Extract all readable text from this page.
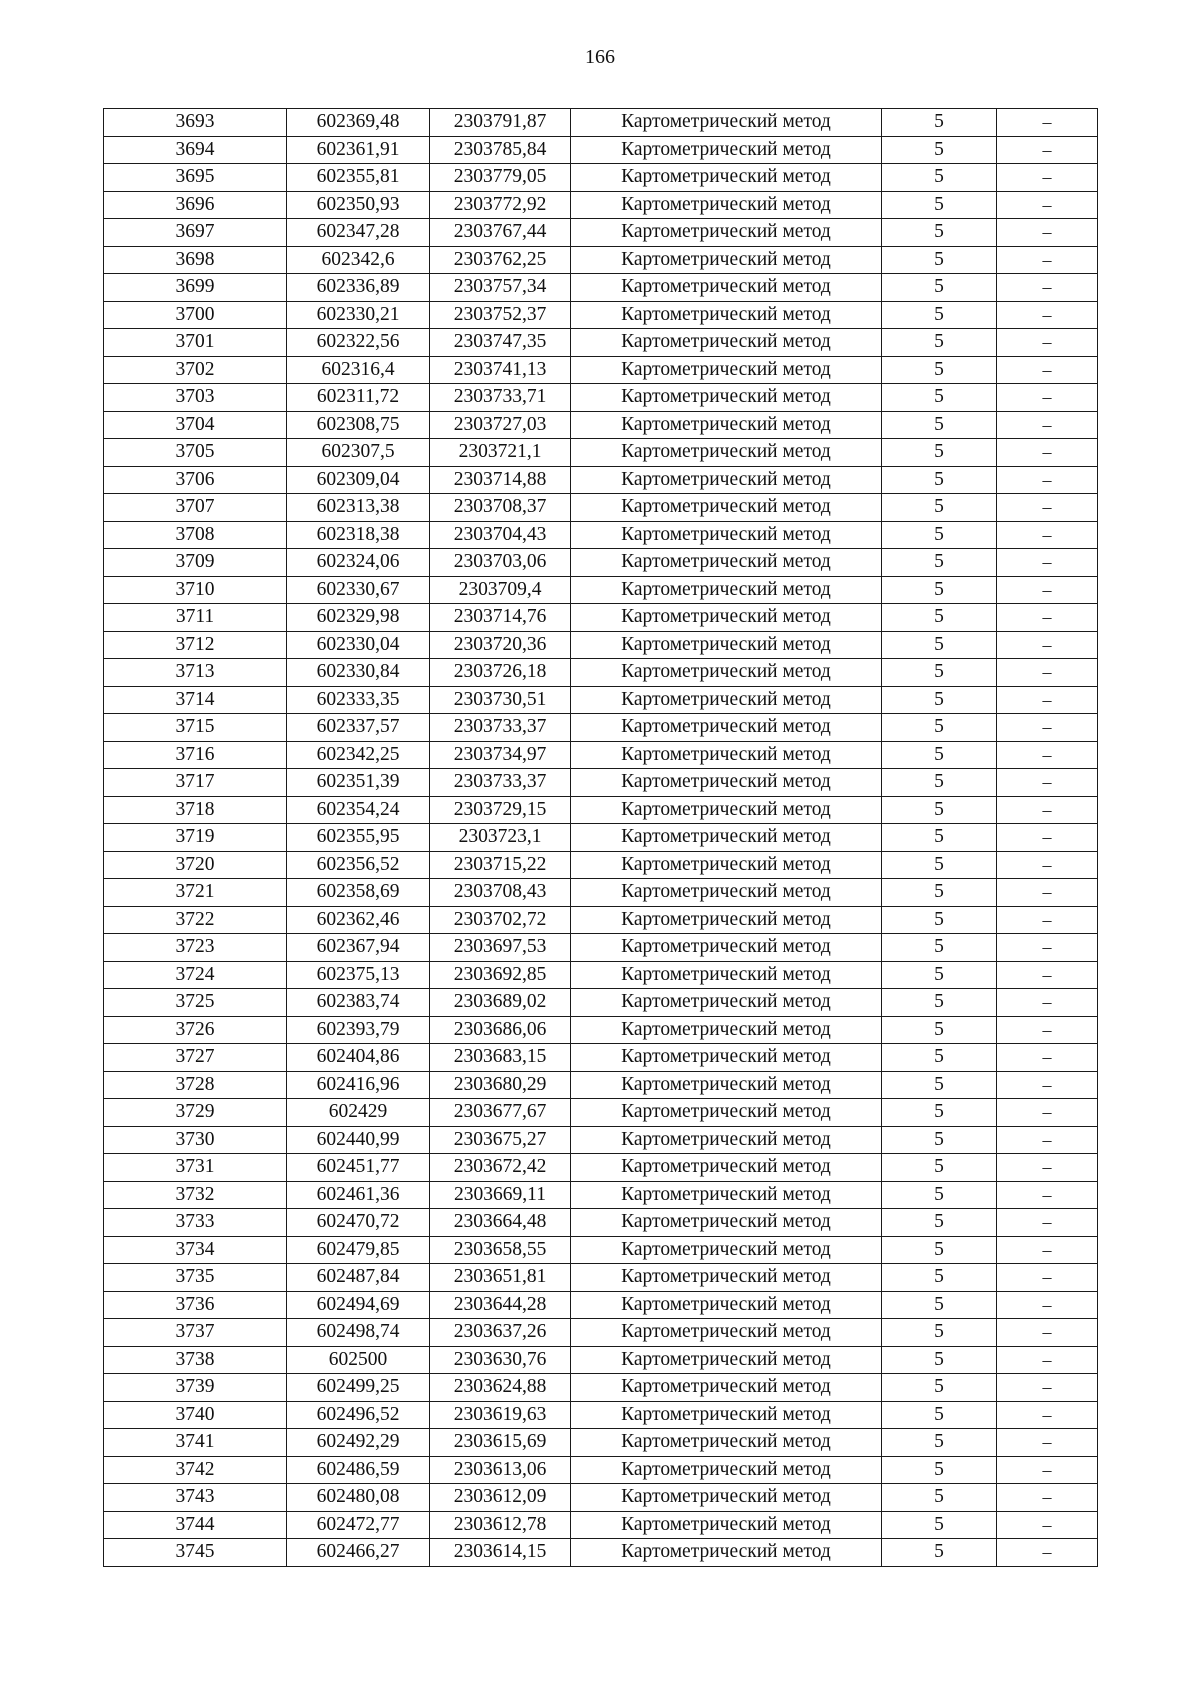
166
3693	602369,48	2303791,87	Картометрический метод	5	–
3694	602361,91	2303785,84	Картометрический метод	5	–
3695	602355,81	2303779,05	Картометрический метод	5	–
3696	602350,93	2303772,92	Картометрический метод	5	–
3697	602347,28	2303767,44	Картометрический метод	5	–
3698	602342,6	2303762,25	Картометрический метод	5	–
3699	602336,89	2303757,34	Картометрический метод	5	–
3700	602330,21	2303752,37	Картометрический метод	5	–
3701	602322,56	2303747,35	Картометрический метод	5	–
3702	602316,4	2303741,13	Картометрический метод	5	–
3703	602311,72	2303733,71	Картометрический метод	5	–
3704	602308,75	2303727,03	Картометрический метод	5	–
3705	602307,5	2303721,1	Картометрический метод	5	–
3706	602309,04	2303714,88	Картометрический метод	5	–
3707	602313,38	2303708,37	Картометрический метод	5	–
3708	602318,38	2303704,43	Картометрический метод	5	–
3709	602324,06	2303703,06	Картометрический метод	5	–
3710	602330,67	2303709,4	Картометрический метод	5	–
3711	602329,98	2303714,76	Картометрический метод	5	–
3712	602330,04	2303720,36	Картометрический метод	5	–
3713	602330,84	2303726,18	Картометрический метод	5	–
3714	602333,35	2303730,51	Картометрический метод	5	–
3715	602337,57	2303733,37	Картометрический метод	5	–
3716	602342,25	2303734,97	Картометрический метод	5	–
3717	602351,39	2303733,37	Картометрический метод	5	–
3718	602354,24	2303729,15	Картометрический метод	5	–
3719	602355,95	2303723,1	Картометрический метод	5	–
3720	602356,52	2303715,22	Картометрический метод	5	–
3721	602358,69	2303708,43	Картометрический метод	5	–
3722	602362,46	2303702,72	Картометрический метод	5	–
3723	602367,94	2303697,53	Картометрический метод	5	–
3724	602375,13	2303692,85	Картометрический метод	5	–
3725	602383,74	2303689,02	Картометрический метод	5	–
3726	602393,79	2303686,06	Картометрический метод	5	–
3727	602404,86	2303683,15	Картометрический метод	5	–
3728	602416,96	2303680,29	Картометрический метод	5	–
3729	602429	2303677,67	Картометрический метод	5	–
3730	602440,99	2303675,27	Картометрический метод	5	–
3731	602451,77	2303672,42	Картометрический метод	5	–
3732	602461,36	2303669,11	Картометрический метод	5	–
3733	602470,72	2303664,48	Картометрический метод	5	–
3734	602479,85	2303658,55	Картометрический метод	5	–
3735	602487,84	2303651,81	Картометрический метод	5	–
3736	602494,69	2303644,28	Картометрический метод	5	–
3737	602498,74	2303637,26	Картометрический метод	5	–
3738	602500	2303630,76	Картометрический метод	5	–
3739	602499,25	2303624,88	Картометрический метод	5	–
3740	602496,52	2303619,63	Картометрический метод	5	–
3741	602492,29	2303615,69	Картометрический метод	5	–
3742	602486,59	2303613,06	Картометрический метод	5	–
3743	602480,08	2303612,09	Картометрический метод	5	–
3744	602472,77	2303612,78	Картометрический метод	5	–
3745	602466,27	2303614,15	Картометрический метод	5	–
